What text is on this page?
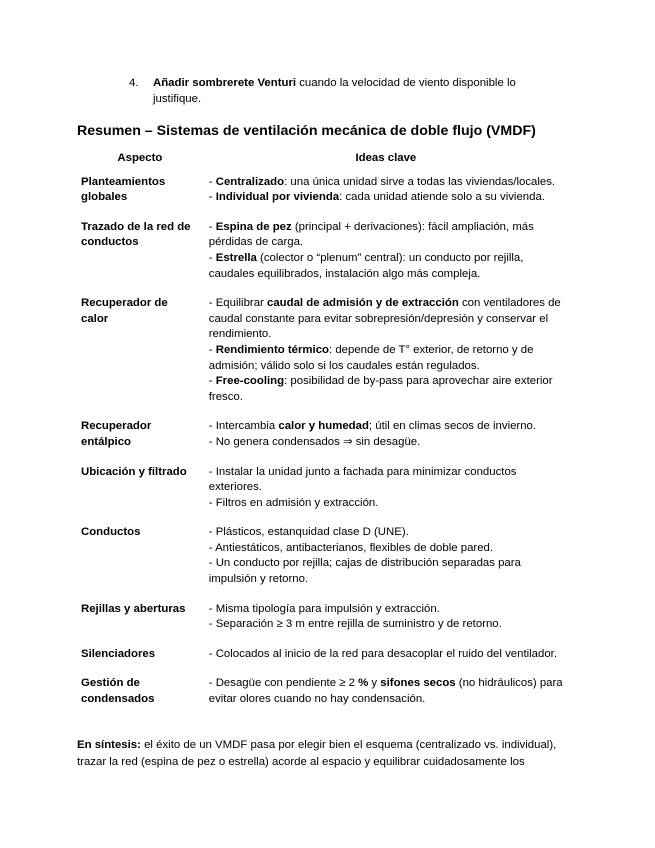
4.	Añadir sombrerete Venturi cuando la velocidad de viento disponible lo justifique.
Resumen – Sistemas de ventilación mecánica de doble flujo (VMDF)
Aspecto	Ideas clave
Planteamientos globales	- Centralizado: una única unidad sirve a todas las viviendas/locales.
- Individual por vivienda: cada unidad atiende solo a su vivienda.

Trazado de la red de conductos	- Espina de pez (principal + derivaciones): fácil ampliación, más pérdidas de carga.
- Estrella (colector o “plenum” central): un conducto por rejilla, caudales equilibrados, instalación algo más compleja.

Recuperador de calor	- Equilibrar caudal de admisión y de extracción con ventiladores de caudal constante para evitar sobrepresión/depresión y conservar el rendimiento.
- Rendimiento térmico: depende de T° exterior, de retorno y de admisión; válido solo si los caudales están regulados.
- Free-cooling: posibilidad de by-pass para aprovechar aire exterior fresco.

Recuperador entálpico	- Intercambia calor y humedad; útil en climas secos de invierno.
- No genera condensados ⇒ sin desagüe.

Ubicación y filtrado	- Instalar la unidad junto a fachada para minimizar conductos exteriores.
- Filtros en admisión y extracción.

Conductos	- Plásticos, estanquidad clase D (UNE).
- Antiestáticos, antibacterianos, flexibles de doble pared.
- Un conducto por rejilla; cajas de distribución separadas para impulsión y retorno.

Rejillas y aberturas	- Misma tipología para impulsión y extracción.
- Separación ≥ 3 m entre rejilla de suministro y de retorno.

Silenciadores	- Colocados al inicio de la red para desacoplar el ruido del ventilador.

Gestión de condensados	- Desagüe con pendiente ≥ 2 % y sifones secos (no hidráulicos) para evitar olores cuando no hay condensación.

En síntesis: el éxito de un VMDF pasa por elegir bien el esquema (centralizado vs. individual), trazar la red (espina de pez o estrella) acorde al espacio y equilibrar cuidadosamente los
